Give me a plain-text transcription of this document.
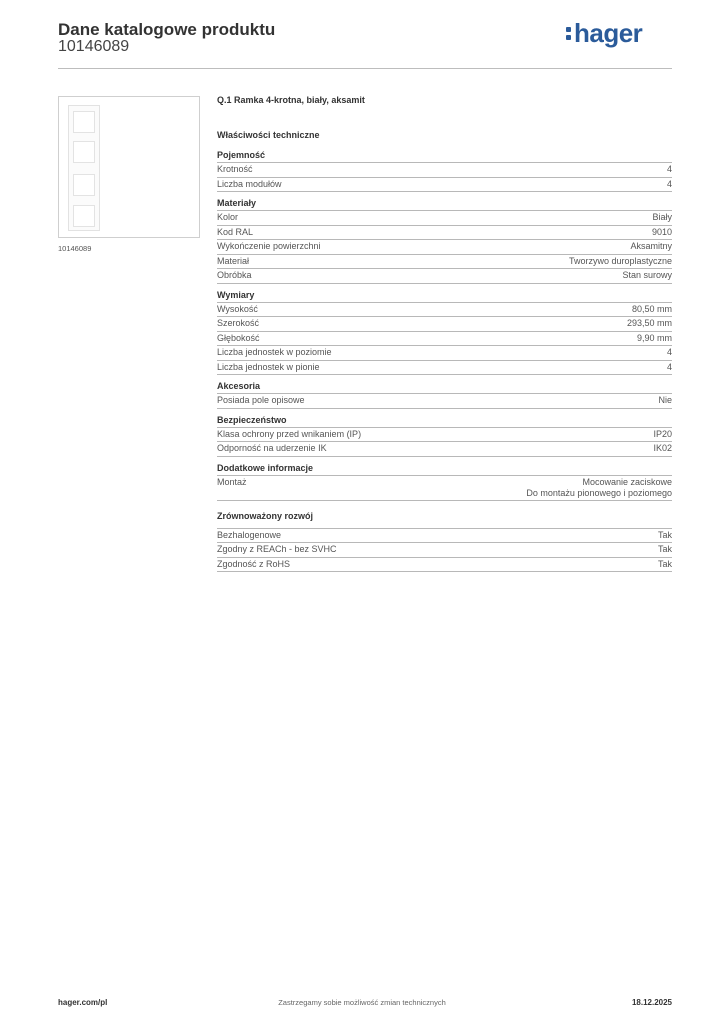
Dane katalogowe produktu
10146089	hager
10146089
Q.1 Ramka 4-krotna, biały, aksamit
Właściwości techniczne
Pojemność
Krotność	4
Liczba modułów	4
Materiały
Kolor	Biały
Kod RAL	9010
Wykończenie powierzchni	Aksamitny
Materiał	Tworzywo duroplastyczne
Obróbka	Stan surowy
Wymiary
Wysokość	80,50 mm
Szerokość	293,50 mm
Głębokość	9,90 mm
Liczba jednostek w poziomie	4
Liczba jednostek w pionie	4
Akcesoria
Posiada pole opisowe	Nie
Bezpieczeństwo
Klasa ochrony przed wnikaniem (IP)	IP20
Odporność na uderzenie IK	IK02
Dodatkowe informacje
Montaż	Mocowanie zaciskowe
Do montażu pionowego i poziomego
Zrównoważony rozwój
Bezhalogenowe	Tak
Zgodny z REACh - bez SVHC	Tak
Zgodność z RoHS	Tak
hager.com/pl	Zastrzegamy sobie możliwość zmian technicznych	18.12.2025
